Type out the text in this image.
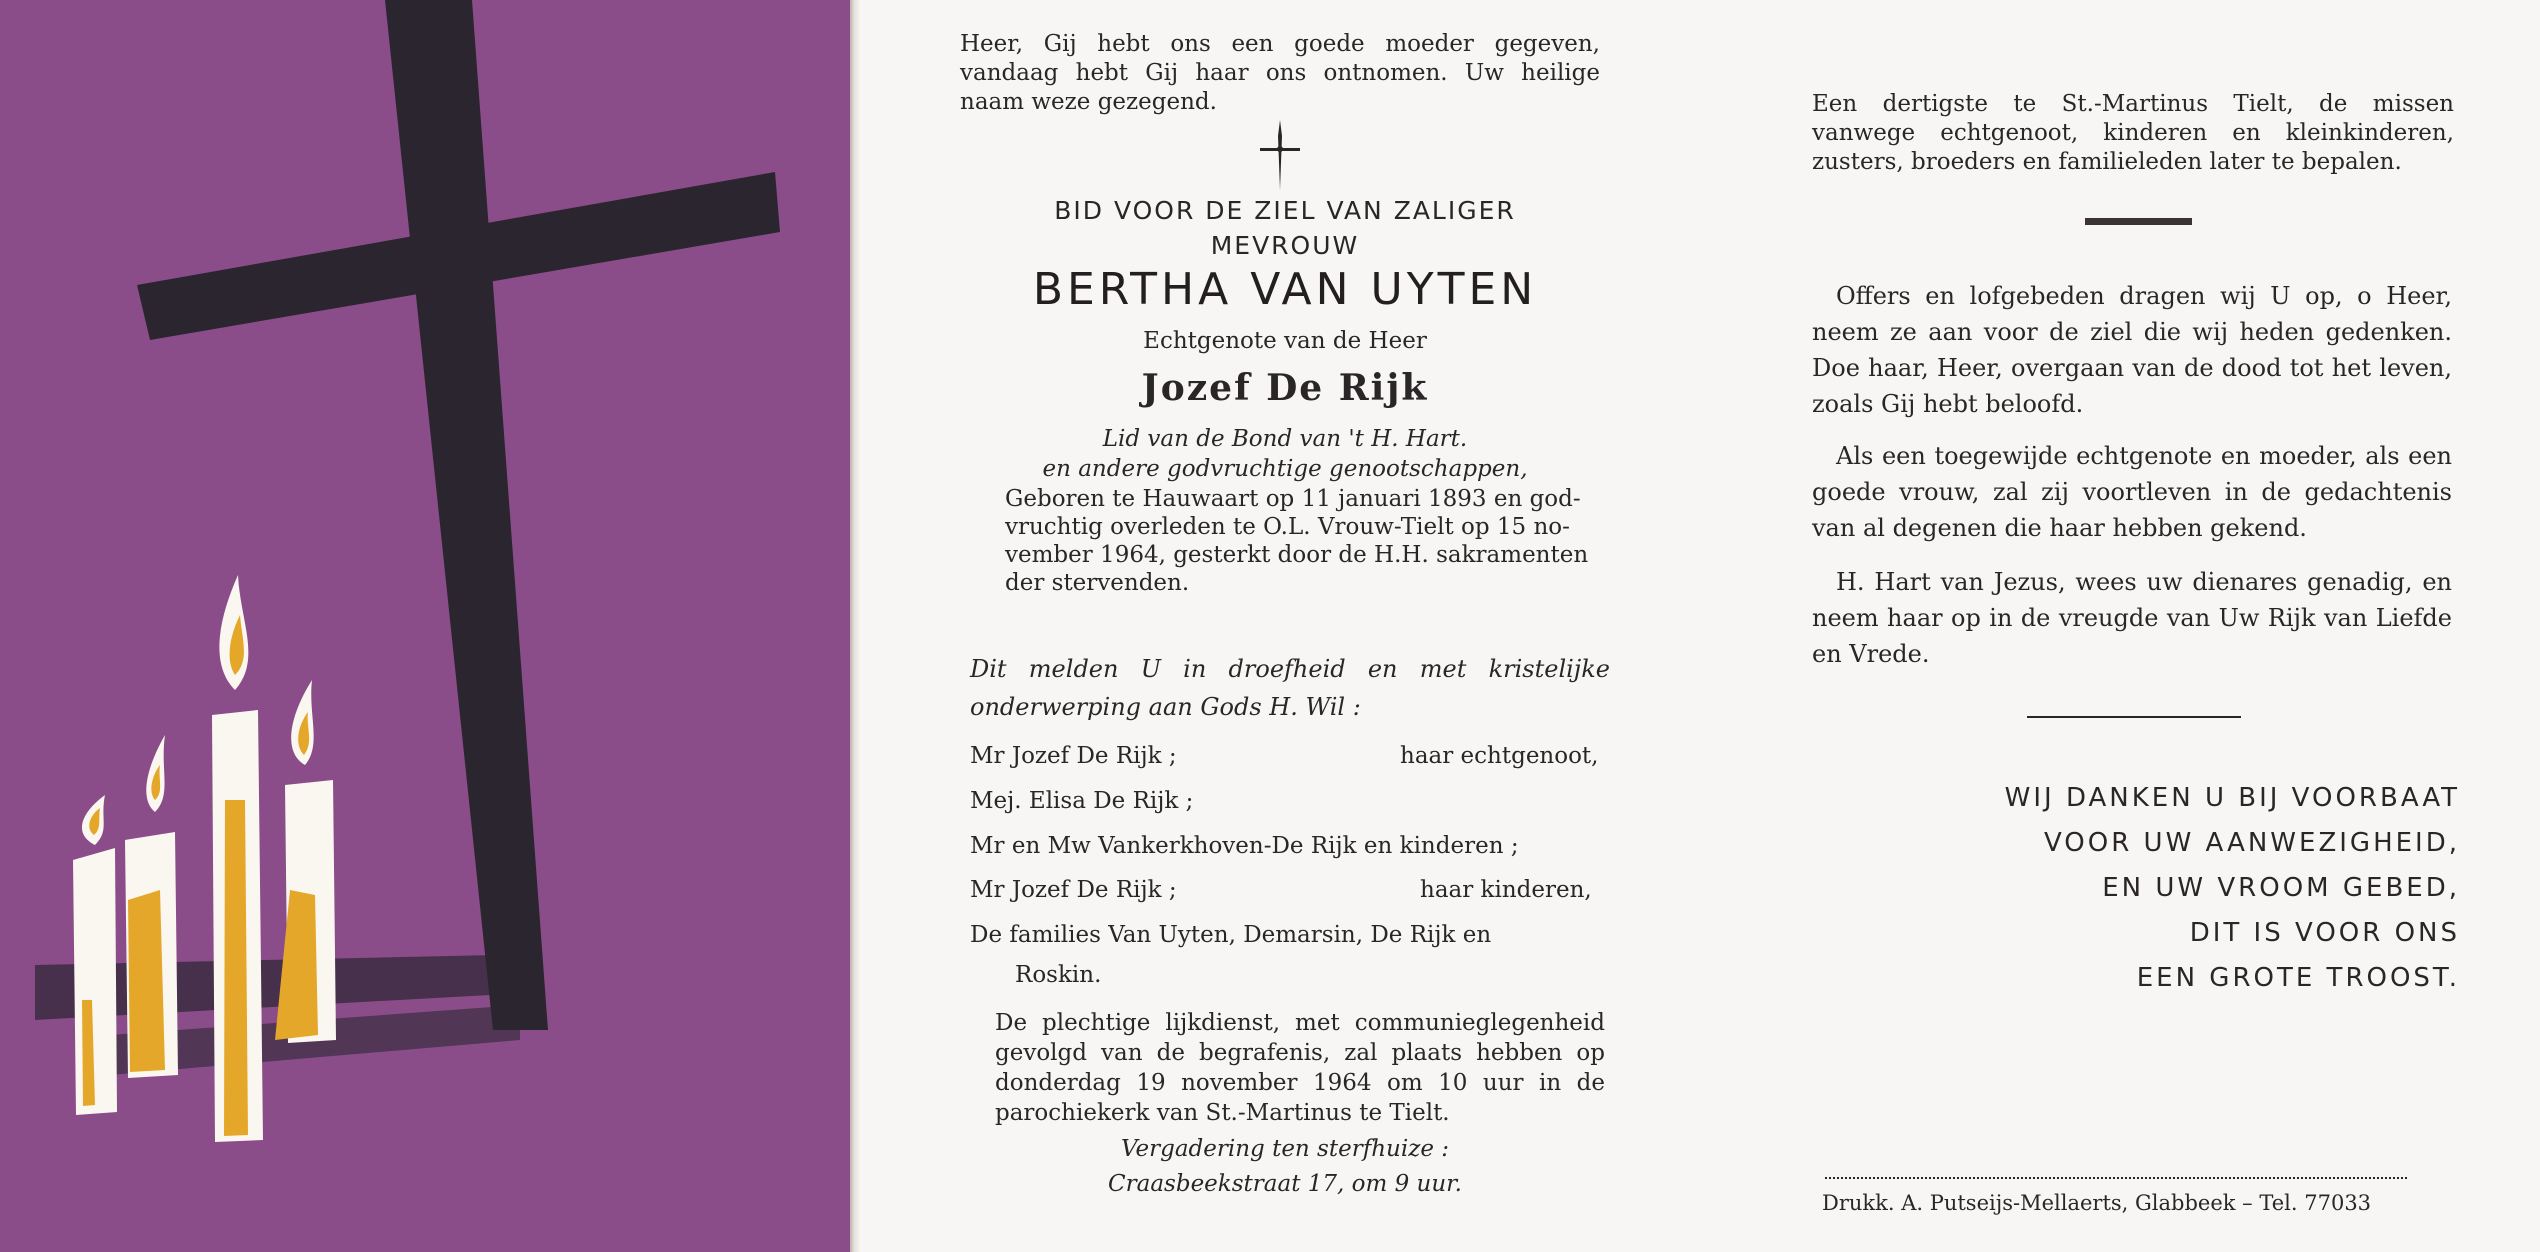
Heer, Gij hebt ons een goede moeder gegeven, vandaag hebt Gij haar ons ontnomen. Uw heilige naam weze gezegend.
BID VOOR DE ZIEL VAN ZALIGER
MEVROUW
BERTHA VAN UYTEN
Echtgenote van de Heer
Jozef De Rijk
Lid van de Bond van 't H. Hart.
en andere godvruchtige genootschappen,
Geboren te Hauwaart op 11 januari 1893 en god-
vruchtig overleden te O.L. Vrouw-Tielt op 15 no-
vember 1964, gesterkt door de H.H. sakramenten
der stervenden.
Dit melden U in droefheid en met kristelijke onderwerping aan Gods H. Wil :
Mr Jozef De Rijk ;	haar echtgenoot,
Mej. Elisa De Rijk ;
Mr en Mw Vankerkhoven-De Rijk en kinderen ;
Mr Jozef De Rijk ;	haar kinderen,
De families Van Uyten, Demarsin, De Rijk en
Roskin.
De plechtige lijkdienst, met communieglegenheid gevolgd van de begrafenis, zal plaats hebben op donderdag 19 november 1964 om 10 uur in de parochiekerk van St.-Martinus te Tielt.
Vergadering ten sterfhuize :
Craasbeekstraat 17, om 9 uur.
Een dertigste te St.-Martinus Tielt, de missen vanwege echtgenoot, kinderen en kleinkinderen, zusters, broeders en familieleden later te bepalen.
Offers en lofgebeden dragen wij U op, o Heer, neem ze aan voor de ziel die wij heden gedenken. Doe haar, Heer, overgaan van de dood tot het leven, zoals Gij hebt beloofd.
Als een toegewijde echtgenote en moeder, als een goede vrouw, zal zij voortleven in de gedachtenis van al degenen die haar hebben gekend.
H. Hart van Jezus, wees uw dienares genadig, en neem haar op in de vreugde van Uw Rijk van Liefde en Vrede.
WIJ DANKEN U BIJ VOORBAAT
VOOR UW AANWEZIGHEID,
EN UW VROOM GEBED,
DIT IS VOOR ONS
EEN GROTE TROOST.
Drukk. A. Putseijs-Mellaerts, Glabbeek – Tel. 77033
